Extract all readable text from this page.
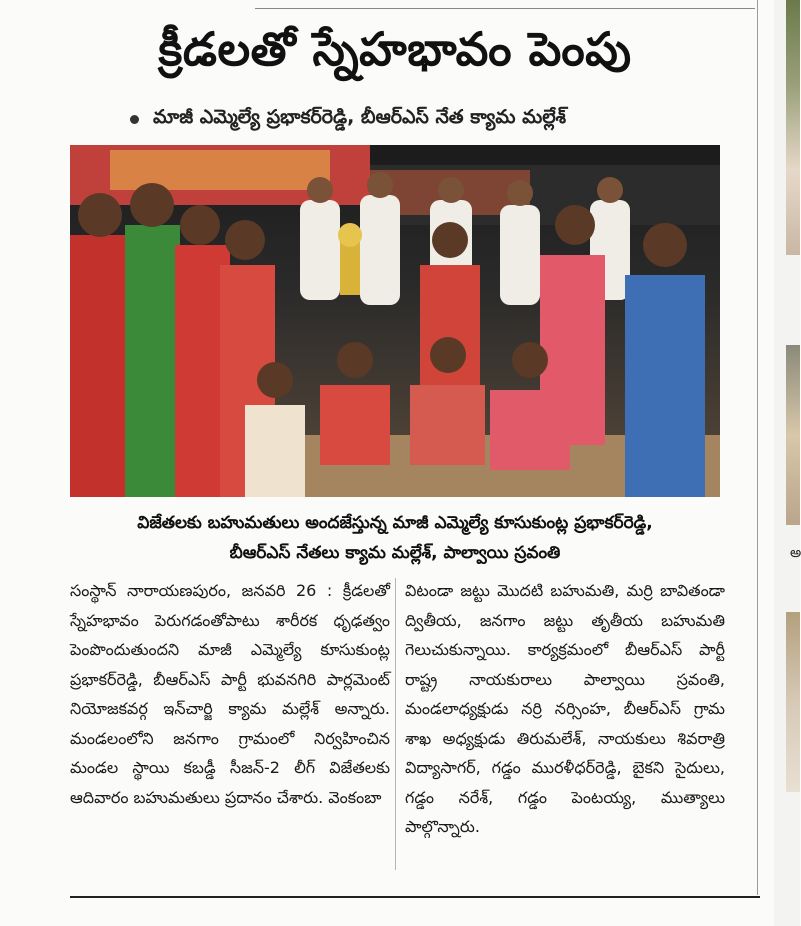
అ
క్రీడలతో స్నేహభావం పెంపు
మాజీ ఎమ్మెల్యే ప్రభాకర్‌రెడ్డి, బీఆర్‌ఎస్ నేత క్యామ మల్లేశ్
విజేతలకు బహుమతులు అందజేస్తున్న మాజీ ఎమ్మెల్యే కూసుకుంట్ల ప్రభాకర్‌రెడ్డి,
బీఆర్‌ఎస్ నేతలు క్యామ మల్లేశ్, పాల్వాయి స్రవంతి
సంస్థాన్ నారాయణపురం, జనవరి 26 : క్రీడలతో స్నేహభావం పెరుగడంతోపాటు శారీరక ధృఢత్వం పెంపొందుతుందని మాజీ ఎమ్మెల్యే కూసుకుంట్ల ప్రభాకర్‌రెడ్డి, బీఆర్‌ఎస్ పార్టీ భువనగిరి పార్లమెంట్ నియోజకవర్గ ఇన్‌చార్జి క్యామ మల్లేశ్ అన్నారు. మండలంలోని జనగాం గ్రామంలో నిర్వహించిన మండల స్థాయి కబడ్డీ సీజన్-2 లీగ్ విజేతలకు ఆదివారం బహుమతులు ప్రదానం చేశారు. వెంకంబా
విటండా జట్టు మొదటి బహుమతి, మర్రి బావితండా ద్వితీయ, జనగాం జట్టు తృతీయ బహుమతి గెలుచుకున్నాయి. కార్యక్రమంలో బీఆర్‌ఎస్ పార్టీ రాష్ట్ర నాయకురాలు పాల్వాయి స్రవంతి, మండలాధ్యక్షుడు నర్రి నర్సింహ, బీఆర్‌ఎస్ గ్రామ శాఖ అధ్యక్షుడు తిరుమలేశ్, నాయకులు శివరాత్రి విద్యాసాగర్, గడ్డం మురళీధర్‌రెడ్డి, బైకని సైదులు, గడ్డం నరేశ్, గడ్డం పెంటయ్య, ముత్యాలు పాల్గొన్నారు.
